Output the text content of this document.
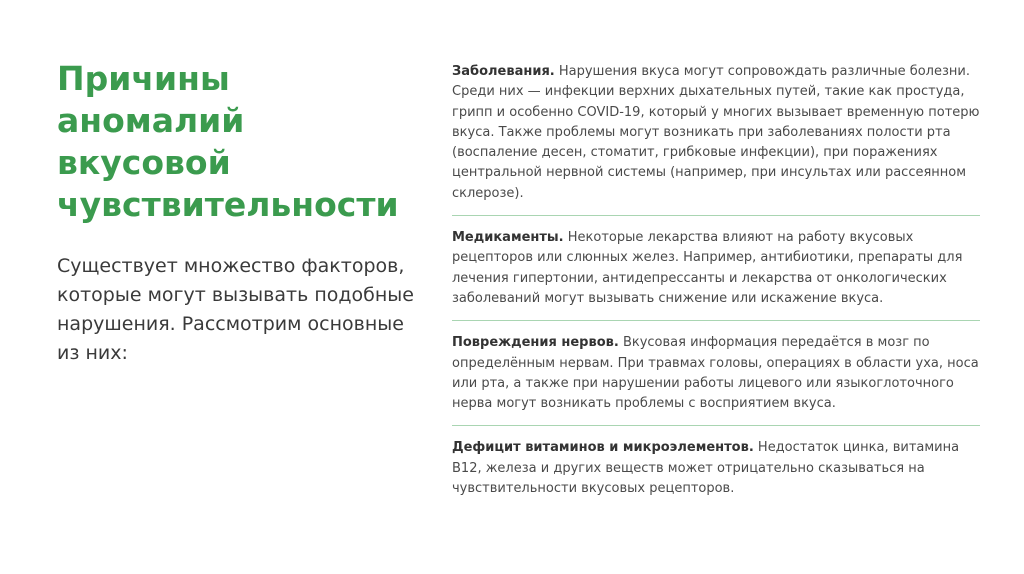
Причины
аномалий
вкусовой
чувствительности
Существует множество факторов, которые могут вызывать подобные нарушения. Рассмотрим основные из них:

Заболевания. Нарушения вкуса могут сопровождать различные болезни. Среди них — инфекции верхних дыхательных путей, такие как простуда, грипп и особенно COVID-19, который у многих вызывает временную потерю вкуса. Также проблемы могут возникать при заболеваниях полости рта (воспаление десен, стоматит, грибковые инфекции), при поражениях центральной нервной системы (например, при инсультах или рассеянном склерозе).

Медикаменты. Некоторые лекарства влияют на работу вкусовых рецепторов или слюнных желез. Например, антибиотики, препараты для лечения гипертонии, антидепрессанты и лекарства от онкологических заболеваний могут вызывать снижение или искажение вкуса.

Повреждения нервов. Вкусовая информация передаётся в мозг по определённым нервам. При травмах головы, операциях в области уха, носа или рта, а также при нарушении работы лицевого или языкоглоточного нерва могут возникать проблемы с восприятием вкуса.

Дефицит витаминов и микроэлементов. Недостаток цинка, витамина B12, железа и других веществ может отрицательно сказываться на чувствительности вкусовых рецепторов.
